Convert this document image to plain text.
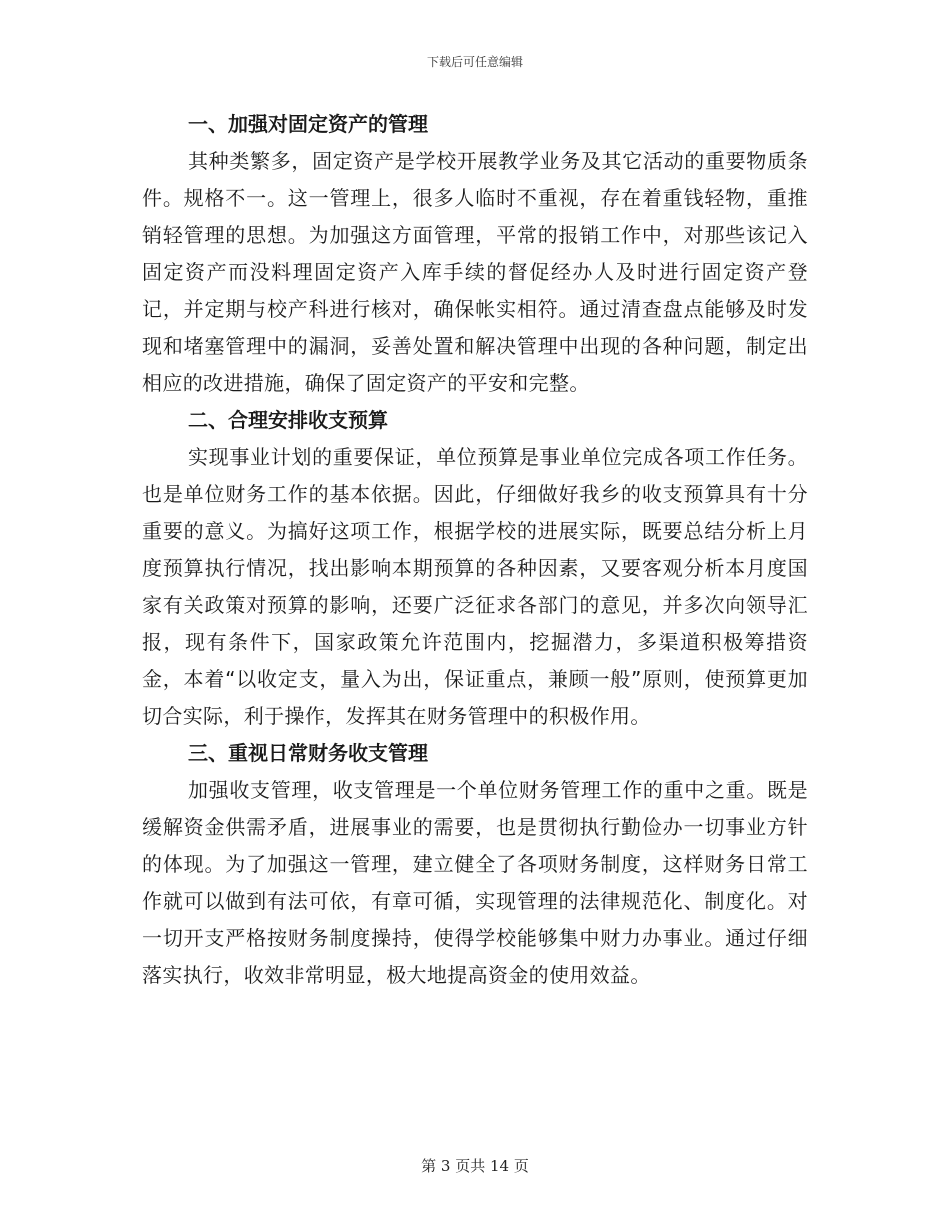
下载后可任意编辑
一、加强对固定资产的管理

其种类繁多，固定资产是学校开展教学业务及其它活动的重要物质条件。规格不一。这一管理上，很多人临时不重视，存在着重钱轻物，重推销轻管理的思想。为加强这方面管理，平常的报销工作中，对那些该记入固定资产而没料理固定资产入库手续的督促经办人及时进行固定资产登记，并定期与校产科进行核对，确保帐实相符。通过清查盘点能够及时发现和堵塞管理中的漏洞，妥善处置和解决管理中出现的各种问题，制定出相应的改进措施，确保了固定资产的平安和完整。

二、合理安排收支预算

实现事业计划的重要保证，单位预算是事业单位完成各项工作任务。也是单位财务工作的基本依据。因此，仔细做好我乡的收支预算具有十分重要的意义。为搞好这项工作，根据学校的进展实际，既要总结分析上月度预算执行情况，找出影响本期预算的各种因素，又要客观分析本月度国家有关政策对预算的影响，还要广泛征求各部门的意见，并多次向领导汇报，现有条件下，国家政策允许范围内，挖掘潜力，多渠道积极筹措资金，本着“以收定支，量入为出，保证重点，兼顾一般”原则，使预算更加切合实际，利于操作，发挥其在财务管理中的积极作用。

三、重视日常财务收支管理

加强收支管理，收支管理是一个单位财务管理工作的重中之重。既是缓解资金供需矛盾，进展事业的需要，也是贯彻执行勤俭办一切事业方针的体现。为了加强这一管理，建立健全了各项财务制度，这样财务日常工作就可以做到有法可依，有章可循，实现管理的法律规范化、制度化。对一切开支严格按财务制度操持，使得学校能够集中财力办事业。通过仔细落实执行，收效非常明显，极大地提高资金的使用效益。

第 3 页共 14 页
